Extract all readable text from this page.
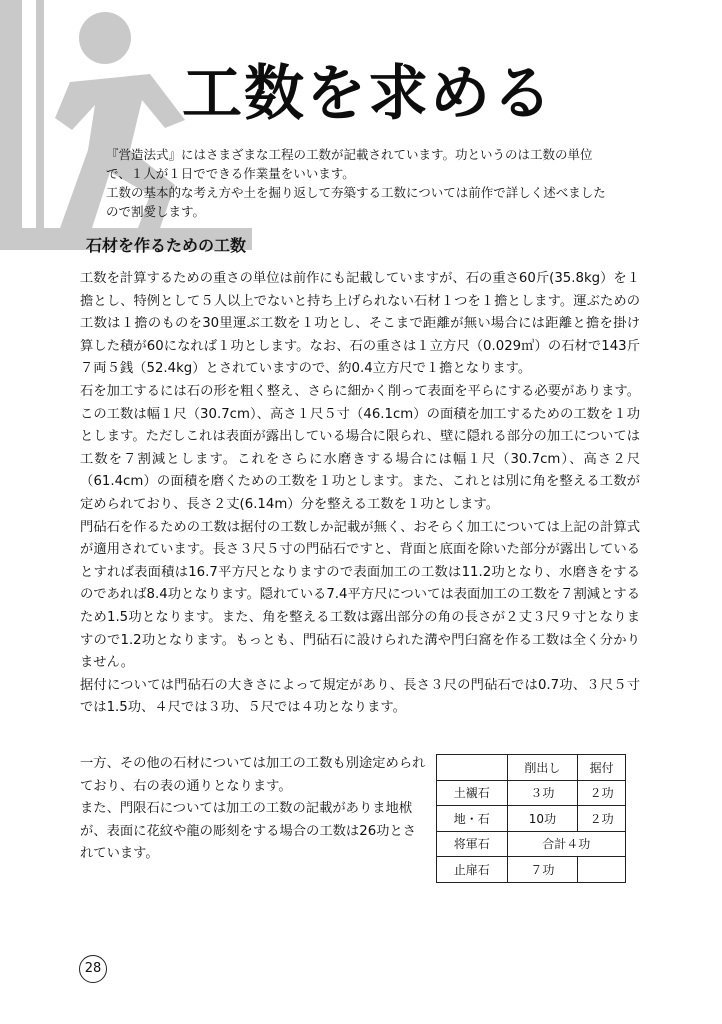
工数を求める

『営造法式』にはさまざまな工程の工数が記載されています。功というのは工数の単位で、１人が１日でできる作業量をいいます。

工数の基本的な考え方や土を掘り返して夯築する工数については前作で詳しく述べましたので割愛します。

石材を作るための工数

工数を計算するための重さの単位は前作にも記載していますが、石の重さ60斤(35.8kg）を１擔とし、特例として５人以上でないと持ち上げられない石材１つを１擔とします。運ぶための工数は１擔のものを30里運ぶ工数を１功とし、そこまで距離が無い場合には距離と擔を掛け算した積が60になれば１功とします。なお、石の重さは１立方尺（0.029㎥）の石材で143斤７両５銭（52.4kg）とされていますので、約0.4立方尺で１擔となります。

石を加工するには石の形を粗く整え、さらに細かく削って表面を平らにする必要があります。この工数は幅１尺（30.7cm）、高さ１尺５寸（46.1cm）の面積を加工するための工数を１功とします。ただしこれは表面が露出している場合に限られ、壁に隠れる部分の加工については工数を７割減とします。これをさらに水磨きする場合には幅１尺（30.7cm）、高さ２尺（61.4cm）の面積を磨くための工数を１功とします。また、これとは別に角を整える工数が定められており、長さ２丈(6.14m）分を整える工数を１功とします。

門砧石を作るための工数は据付の工数しか記載が無く、おそらく加工については上記の計算式が適用されています。長さ３尺５寸の門砧石ですと、背面と底面を除いた部分が露出しているとすれば表面積は16.7平方尺となりますので表面加工の工数は11.2功となり、水磨きをするのであれば8.4功となります。隠れている7.4平方尺については表面加工の工数を７割減とするため1.5功となります。また、角を整える工数は露出部分の角の長さが２丈３尺９寸となりますので1.2功となります。もっとも、門砧石に設けられた溝や門臼窩を作る工数は全く分かりません。

据付については門砧石の大きさによって規定があり、長さ３尺の門砧石では0.7功、３尺５寸では1.5功、４尺では３功、５尺では４功となります。

一方、その他の石材については加工の工数も別途定められており、右の表の通りとなります。

また、門限石については加工の工数の記載がありま地栿が、表面に花紋や龍の彫刻をする場合の工数は26功とされています。

	削出し	据付
土襯石	３功	２功
地・石	10功	２功
将軍石	合計４功	
止扉石	７功	
28
